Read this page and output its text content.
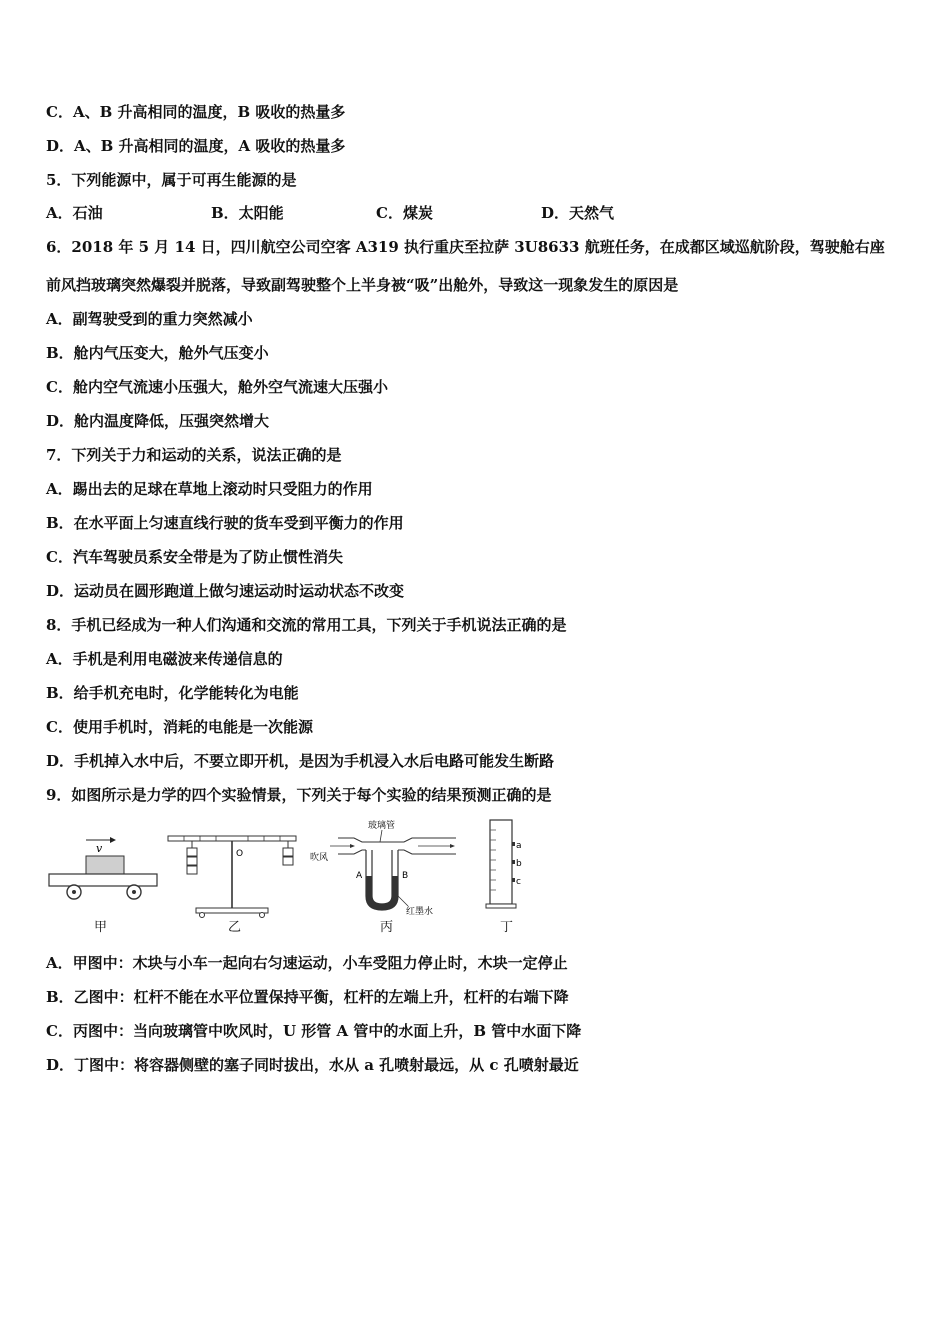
C．A、B 升高相同的温度，B 吸收的热量多
D．A、B 升高相同的温度，A 吸收的热量多
5．下列能源中，属于可再生能源的是
A．石油	B．太阳能	C．煤炭	D．天然气
6．2018 年 5 月 14 日，四川航空公司空客 A319 执行重庆至拉萨 3U8633 航班任务，在成都区域巡航阶段，驾驶舱右座
前风挡玻璃突然爆裂并脱落，导致副驾驶整个上半身被“吸”出舱外，导致这一现象发生的原因是
A．副驾驶受到的重力突然减小
B．舱内气压变大，舱外气压变小
C．舱内空气流速小压强大，舱外空气流速大压强小
D．舱内温度降低，压强突然增大
7．下列关于力和运动的关系，说法正确的是
A．踢出去的足球在草地上滚动时只受阻力的作用
B．在水平面上匀速直线行驶的货车受到平衡力的作用
C．汽车驾驶员系安全带是为了防止惯性消失
D．运动员在圆形跑道上做匀速运动时运动状态不改变
8．手机已经成为一种人们沟通和交流的常用工具，下列关于手机说法正确的是
A．手机是利用电磁波来传递信息的
B．给手机充电时，化学能转化为电能
C．使用手机时，消耗的电能是一次能源
D．手机掉入水中后，不要立即开机，是因为手机浸入水后电路可能发生断路
9．如图所示是力学的四个实验情景，下列关于每个实验的结果预测正确的是
v
甲
O
乙
玻璃管
吹风
A	B
红墨水
丙
a
b
c
丁
A．甲图中：木块与小车一起向右匀速运动，小车受阻力停止时，木块一定停止
B．乙图中：杠杆不能在水平位置保持平衡，杠杆的左端上升，杠杆的右端下降
C．丙图中：当向玻璃管中吹风时，U 形管 A 管中的水面上升，B 管中水面下降
D．丁图中：将容器侧壁的塞子同时拔出，水从 a 孔喷射最远，从 c 孔喷射最近
